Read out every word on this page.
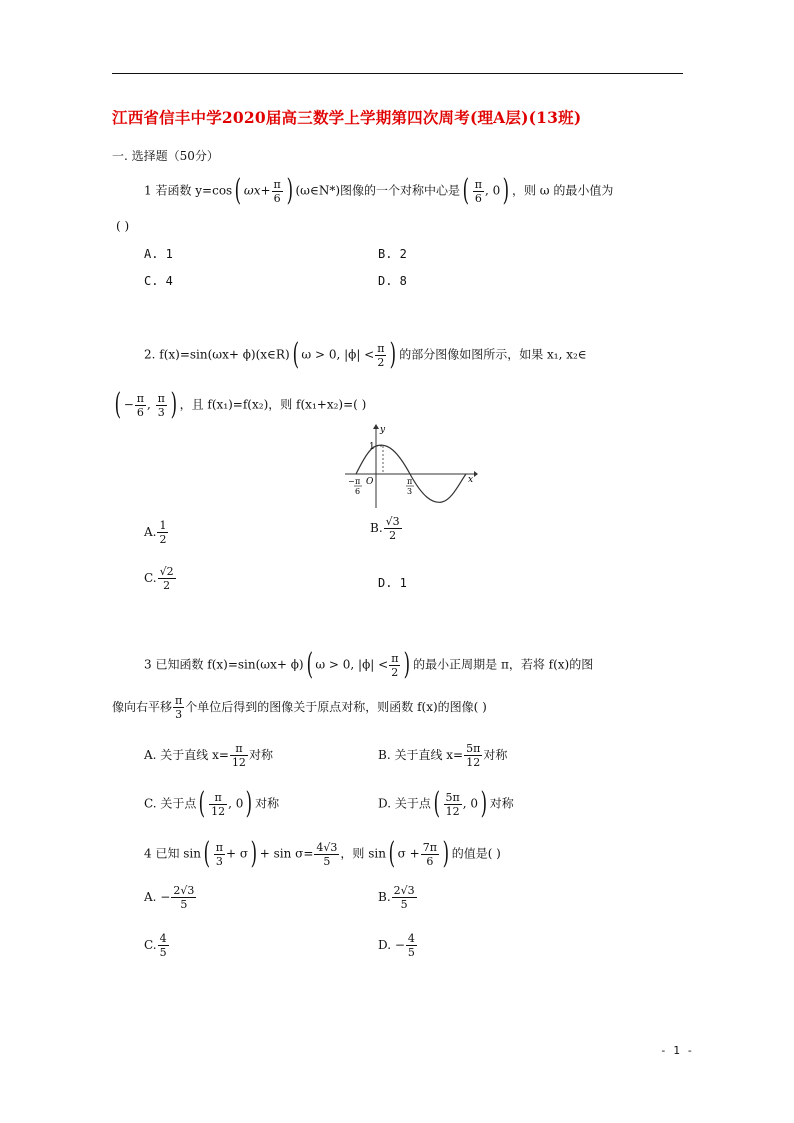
江西省信丰中学2020届高三数学上学期第四次周考(理A层)(13班)
一. 选择题（50分）
1 若函数 y=cos( $\omega x+ \frac{\pi}{6}$ ) (ω∈N*)图像的一个对称中心是( $\frac{\pi}{6}$ , 0) ，则 ω 的最小值为
( )
A. 1	B. 2
C. 4	D. 8
2. f(x)=sin(ωx+ ϕ)(x∈R)( ω > 0, $|\phi| < \frac{\pi}{2}$ ) 的部分图像如图所示，如果 x₁, x₂∈
( − $\frac{\pi}{6}$ , $\frac{\pi}{3}$ ) ，且 f(x₁)=f(x₂)，则 f(x₁+x₂)=( )
y
1
O	x
− π
6
π
3
A. $\frac{1}{2}$	B. $\frac{√3}{2}$
C. $\frac{√2}{2}$	D. 1
3 已知函数 f(x)=sin(ωx+ ϕ)( ω > 0, $|\phi| < \frac{\pi}{2}$ ) 的最小正周期是 π，若将 f(x)的图
像向右平移 $\frac{\pi}{3}$ 个单位后得到的图像关于原点对称，则函数 f(x)的图像( )
A. 关于直线 $x= \frac{\pi}{12}$ 对称	B. 关于直线 $x= \frac{5\pi}{12}$ 对称
C. 关于点( $\frac{\pi}{12}$ , 0) 对称	D. 关于点( $\frac{5\pi}{12}$ , 0) 对称
4 已知 $\sin( \frac{\pi}{3} + \sigma) + \sin \sigma= \frac{4√3}{5}$ ，则 sin( $\sigma + \frac{7\pi}{6}$ ) 的值是( )
A. − $\frac{2√3}{5}$	B. $\frac{2√3}{5}$
C. $\frac{4}{5}$	D. − $\frac{4}{5}$
- 1 -
